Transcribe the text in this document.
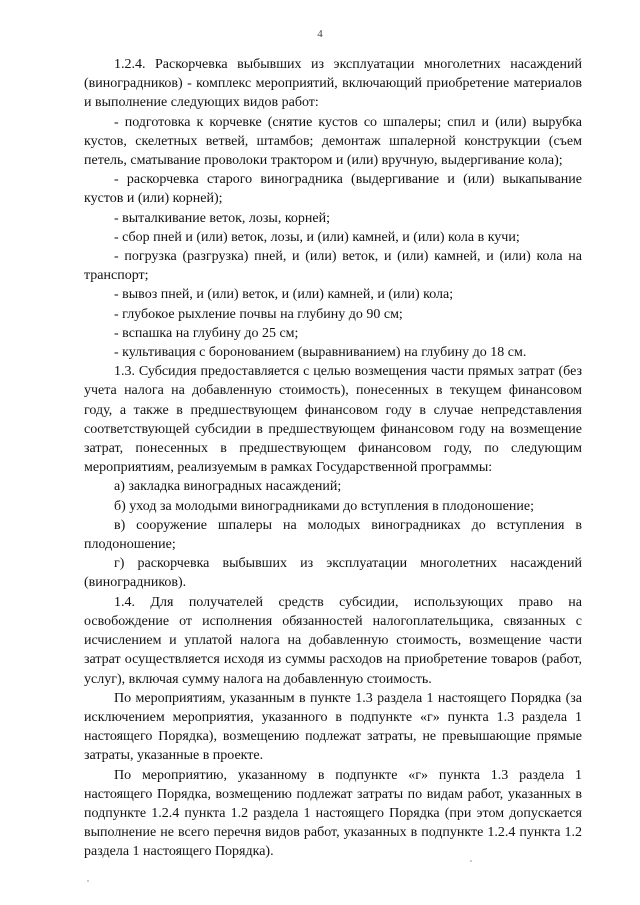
4

1.2.4. Раскорчевка выбывших из эксплуатации многолетних насаждений (виноградников) - комплекс мероприятий, включающий приобретение материалов и выполнение следующих видов работ:

- подготовка к корчевке (снятие кустов со шпалеры; спил и (или) вырубка кустов, скелетных ветвей, штамбов; демонтаж шпалерной конструкции (съем петель, сматывание проволоки трактором и (или) вручную, выдергивание кола);

- раскорчевка старого виноградника (выдергивание и (или) выкапывание кустов и (или) корней);

- выталкивание веток, лозы, корней;

- сбор пней и (или) веток, лозы, и (или) камней, и (или) кола в кучи;

- погрузка (разгрузка) пней, и (или) веток, и (или) камней, и (или) кола на транспорт;

- вывоз пней, и (или) веток, и (или) камней, и (или) кола;

- глубокое рыхление почвы на глубину до 90 см;

- вспашка на глубину до 25 см;

- культивация с боронованием (выравниванием) на глубину до 18 см.

1.3. Субсидия предоставляется с целью возмещения части прямых затрат (без учета налога на добавленную стоимость), понесенных в текущем финансовом году, а также в предшествующем финансовом году в случае непредставления соответствующей субсидии в предшествующем финансовом году на возмещение затрат, понесенных в предшествующем финансовом году, по следующим мероприятиям, реализуемым в рамках Государственной программы:

а) закладка виноградных насаждений;

б) уход за молодыми виноградниками до вступления в плодоношение;

в) сооружение шпалеры на молодых виноградниках до вступления в плодоношение;

г) раскорчевка выбывших из эксплуатации многолетних насаждений (виноградников).

1.4. Для получателей средств субсидии, использующих право на освобождение от исполнения обязанностей налогоплательщика, связанных с исчислением и уплатой налога на добавленную стоимость, возмещение части затрат осуществляется исходя из суммы расходов на приобретение товаров (работ, услуг), включая сумму налога на добавленную стоимость.

По мероприятиям, указанным в пункте 1.3 раздела 1 настоящего Порядка (за исключением мероприятия, указанного в подпункте «г» пункта 1.3 раздела 1 настоящего Порядка), возмещению подлежат затраты, не превышающие прямые затраты, указанные в проекте.

По мероприятию, указанному в подпункте «г» пункта 1.3 раздела 1 настоящего Порядка, возмещению подлежат затраты по видам работ, указанных в подпункте 1.2.4 пункта 1.2 раздела 1 настоящего Порядка (при этом допускается выполнение не всего перечня видов работ, указанных в подпункте 1.2.4 пункта 1.2 раздела 1 настоящего Порядка).
